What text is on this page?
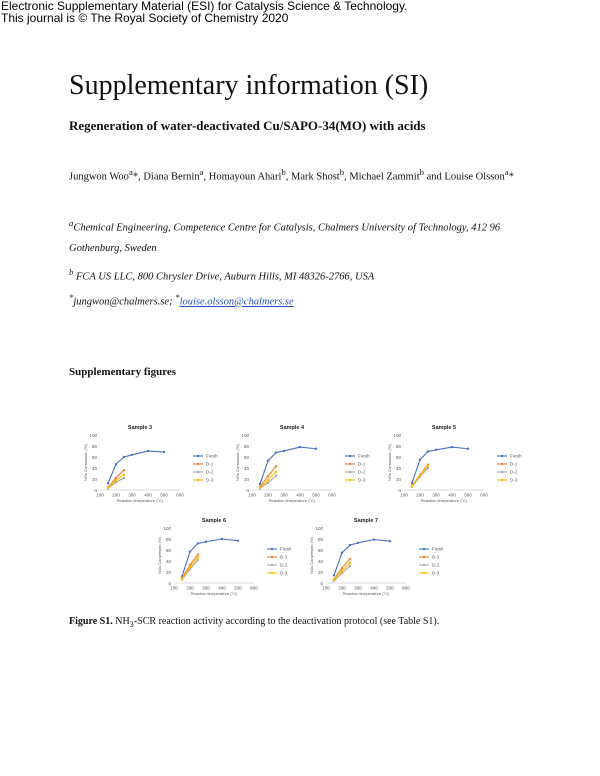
Electronic Supplementary Material (ESI) for Catalysis Science & Technology.
This journal is © The Royal Society of Chemistry 2020
Supplementary information (SI)
Regeneration of water-deactivated Cu/SAPO-34(MO) with acids
Jungwon Woo$^a$*, Diana Bernin$^a$, Homayoun Ahari$^b$, Mark Shost$^b$, Michael Zammit$^b$ and Louise Olsson$^a$*
$^a$Chemical Engineering, Competence Centre for Catalysis, Chalmers University of Technology, 412 96
Gothenburg, Sweden
$^b$ FCA US LLC, 800 Chrysler Drive, Auburn Hills, MI 48326-2766, USA
*jungwon@chalmers.se; *louise.olsson@chalmers.se
Supplementary figures
Sample 3
0
20
40
60
80
100
100 200 300 400 500 600
Reaction temperature (°C)
NOx Conversion (%)	Fresh
D-1
D-2
D-3
Sample 4
0
20
40
60
80
100
100 200 300 400 500 600
Reaction temperature (°C)
NOx Conversion (%)	Fresh
D-1
D-2
D-3
Sample 5
0
20
40
60
80
100
100 200 300 400 500 600
Reaction temperature (°C)
NOx Conversion (%)	Fresh
D-1
D-2
D-3
Sample 6
0
20
40
60
80
100
100 200 300 400 500 600
Reaction temperature (°C)
NOx Conversion (%)	Fresh
D-1
D-2
D-3
Sample 7
0
20
40
60
80
100
100 200 300 400 500 600
Reaction temperature (°C)
NOx Conversion (%)	Fresh
D-1
D-2
D-3
Figure S1. $NH_3$-SCR reaction activity according to the deactivation protocol (see Table S1).
